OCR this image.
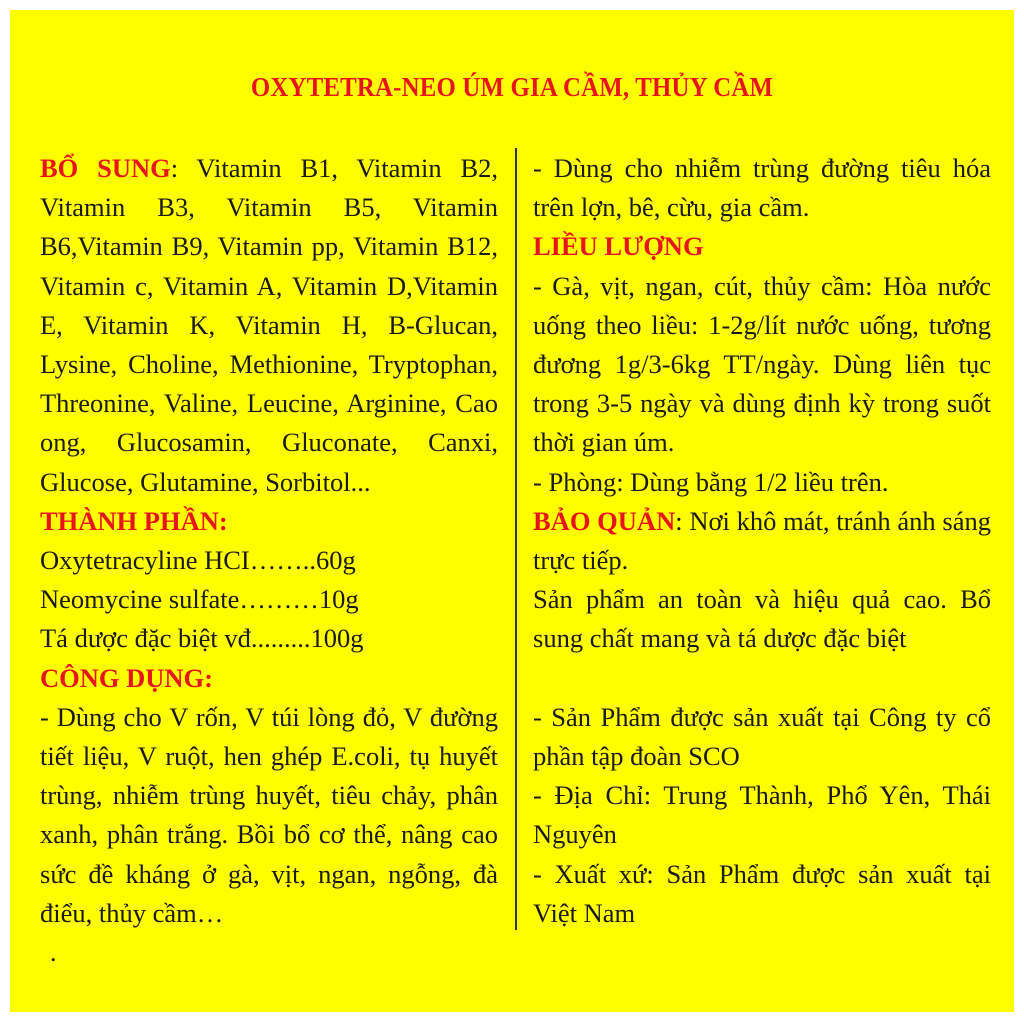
OXYTETRA-NEO ÚM GIA CẦM, THỦY CẦM

BỔ SUNG: Vitamin B1, Vitamin B2, Vitamin B3, Vitamin B5, Vitamin B6,Vitamin B9, Vitamin pp, Vitamin B12, Vitamin c, Vitamin A, Vitamin D,Vitamin E, Vitamin K, Vitamin H, B-Glucan, Lysine, Choline, Methionine, Tryptophan, Threonine, Valine, Leucine, Arginine, Cao ong, Glucosamin, Gluconate, Canxi, Glucose, Glutamine, Sorbitol...

THÀNH PHẦN:

Oxytetracyline HCI……..60g

Neomycine sulfate………10g

Tá dược đặc biệt vđ.........100g

CÔNG DỤNG:

- Dùng cho V rốn, V túi lòng đỏ, V đường tiết liệu, V ruột, hen ghép E.coli, tụ huyết trùng, nhiễm trùng huyết, tiêu chảy, phân xanh, phân trắng. Bồi bổ cơ thể, nâng cao sức đề kháng ở gà, vịt, ngan, ngỗng, đà điểu, thủy cầm…

- Dùng cho nhiễm trùng đường tiêu hóa trên lợn, bê, cừu, gia cầm.

LIỀU LƯỢNG

- Gà, vịt, ngan, cút, thủy cầm: Hòa nước uống theo liều: 1-2g/lít nước uống, tương đương 1g/3-6kg TT/ngày. Dùng liên tục trong 3-5 ngày và dùng định kỳ trong suốt thời gian úm.

- Phòng: Dùng bằng 1/2 liều trên.

BẢO QUẢN: Nơi khô mát, tránh ánh sáng trực tiếp.

Sản phẩm an toàn và hiệu quả cao. Bổ sung chất mang và tá dược đặc biệt

- Sản Phẩm được sản xuất tại Công ty cổ phần tập đoàn SCO

- Địa Chỉ: Trung Thành, Phổ Yên, Thái Nguyên

- Xuất xứ: Sản Phẩm được sản xuất tại Việt Nam

.
